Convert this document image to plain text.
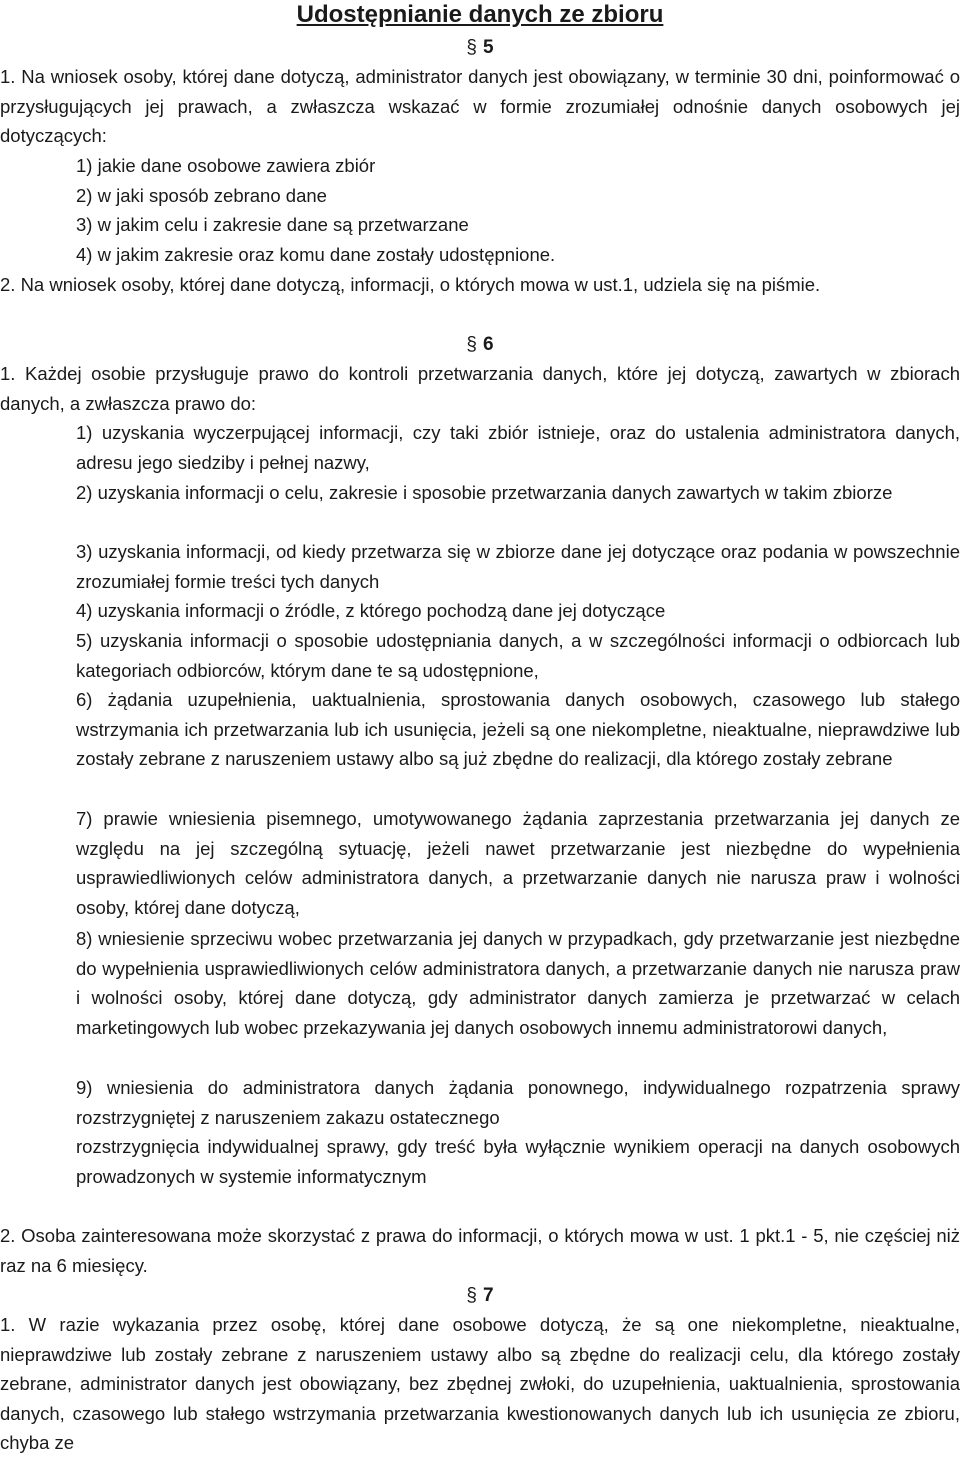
Udostępnianie danych ze zbioru
§ 5
1. Na wniosek osoby, której dane dotyczą, administrator danych jest obowiązany, w terminie 30 dni, poinformować o przysługujących jej prawach, a zwłaszcza wskazać w formie zrozumiałej odnośnie danych osobowych jej dotyczących:
1) jakie dane osobowe zawiera zbiór
2) w jaki sposób zebrano dane
3) w jakim celu i zakresie dane są przetwarzane
4) w jakim zakresie oraz komu dane zostały udostępnione.
2. Na wniosek osoby, której dane dotyczą, informacji, o których mowa w ust.1, udziela się na piśmie.
§ 6
1. Każdej osobie przysługuje prawo do kontroli przetwarzania danych, które jej dotyczą, zawartych w zbiorach danych, a zwłaszcza prawo do:
1) uzyskania wyczerpującej informacji, czy taki zbiór istnieje, oraz do ustalenia administratora danych, adresu jego siedziby i pełnej nazwy,
2) uzyskania informacji o celu, zakresie i sposobie przetwarzania danych zawartych w takim zbiorze
3) uzyskania informacji, od kiedy przetwarza się w zbiorze dane jej dotyczące oraz podania w powszechnie zrozumiałej formie treści tych danych
4) uzyskania informacji o źródle, z którego pochodzą dane jej dotyczące
5) uzyskania informacji o sposobie udostępniania danych, a w szczególności informacji o odbiorcach lub kategoriach odbiorców, którym dane te są udostępnione,
6) żądania uzupełnienia, uaktualnienia, sprostowania danych osobowych, czasowego lub stałego wstrzymania ich przetwarzania lub ich usunięcia, jeżeli są one niekompletne, nieaktualne, nieprawdziwe lub zostały zebrane z naruszeniem ustawy albo są już zbędne do realizacji, dla którego zostały zebrane
7) prawie wniesienia pisemnego, umotywowanego żądania zaprzestania przetwarzania jej danych ze względu na jej szczególną sytuację, jeżeli nawet przetwarzanie jest niezbędne do wypełnienia usprawiedliwionych celów administratora danych, a przetwarzanie danych nie narusza praw i wolności osoby, której dane dotyczą,
8) wniesienie sprzeciwu wobec przetwarzania jej danych w przypadkach, gdy przetwarzanie jest niezbędne do wypełnienia usprawiedliwionych celów administratora danych, a przetwarzanie danych nie narusza praw i wolności osoby, której dane dotyczą, gdy administrator danych zamierza je przetwarzać w celach marketingowych lub wobec przekazywania jej danych osobowych innemu administratorowi danych,
9) wniesienia do administratora danych żądania ponownego, indywidualnego rozpatrzenia sprawy rozstrzygniętej z naruszeniem zakazu ostatecznego
rozstrzygnięcia indywidualnej sprawy, gdy treść była wyłącznie wynikiem operacji na danych osobowych prowadzonych w systemie informatycznym
2. Osoba zainteresowana może skorzystać z prawa do informacji, o których mowa w ust. 1 pkt.1 - 5, nie częściej niż raz na 6 miesięcy.
§ 7
1. W razie wykazania przez osobę, której dane osobowe dotyczą, że są one niekompletne, nieaktualne, nieprawdziwe lub zostały zebrane z naruszeniem ustawy albo są zbędne do realizacji celu, dla którego zostały zebrane, administrator danych jest obowiązany, bez zbędnej zwłoki, do uzupełnienia, uaktualnienia, sprostowania danych, czasowego lub stałego wstrzymania przetwarzania kwestionowanych danych lub ich usunięcia ze zbioru, chyba ze
